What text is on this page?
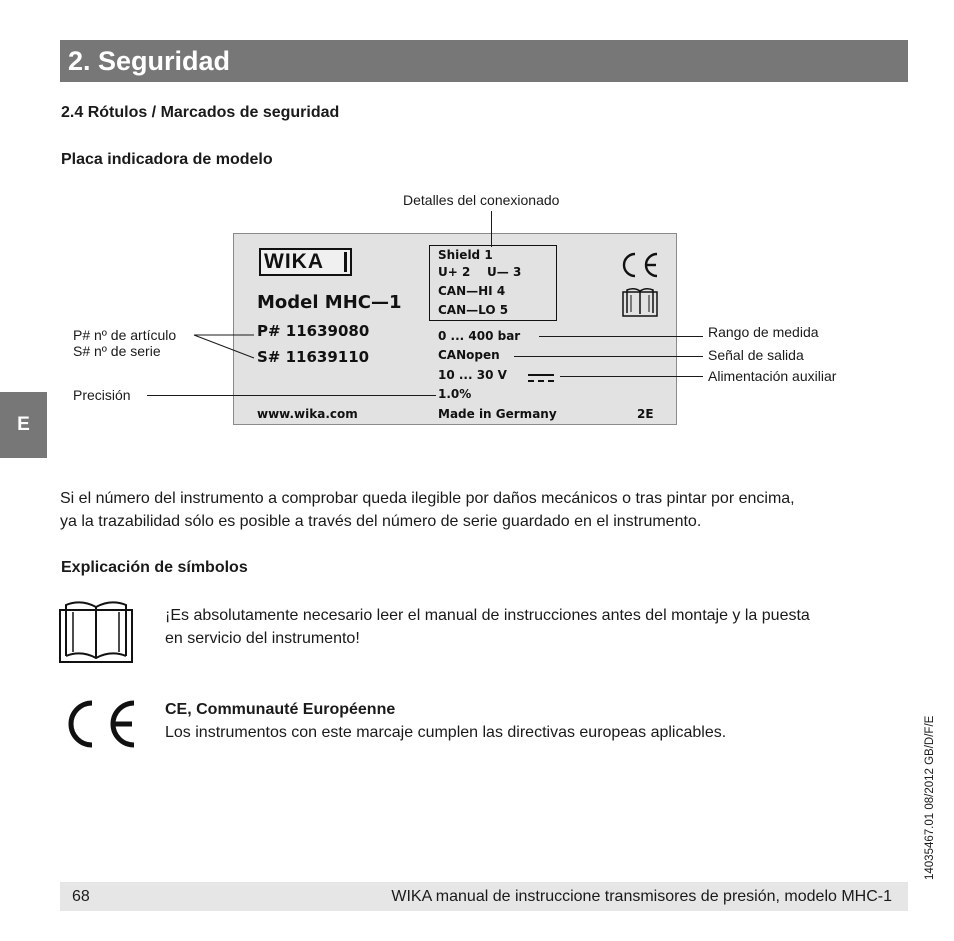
2. Seguridad
2.4 Rótulos / Marcados de seguridad
Placa indicadora de modelo
E
WIKA
Model MHC—1
P# 11639080
S# 11639110
Shield 1
U+ 2    U— 3
CAN—HI 4
CAN—LO 5
0 ... 400 bar
CANopen
10 ... 30 V
1.0%
www.wika.com	Made in Germany	2E
Detalles del conexionado
P# nº de artículo
S# nº de serie
Precisión
Rango de medida
Señal de salida
Alimentación auxiliar
Si el número del instrumento a comprobar queda ilegible por daños mecánicos o tras pintar por encima,
ya la trazabilidad sólo es posible a través del número de serie guardado en el instrumento.
Explicación de símbolos
¡Es absolutamente necesario leer el manual de instrucciones antes del montaje y la puesta
en servicio del instrumento!
CE, Communauté Européenne
Los instrumentos con este marcaje cumplen las directivas europeas aplicables.	14035467.01 08/2012 GB/D/F/E
68	WIKA manual de instruccione transmisores de presión, modelo MHC-1
